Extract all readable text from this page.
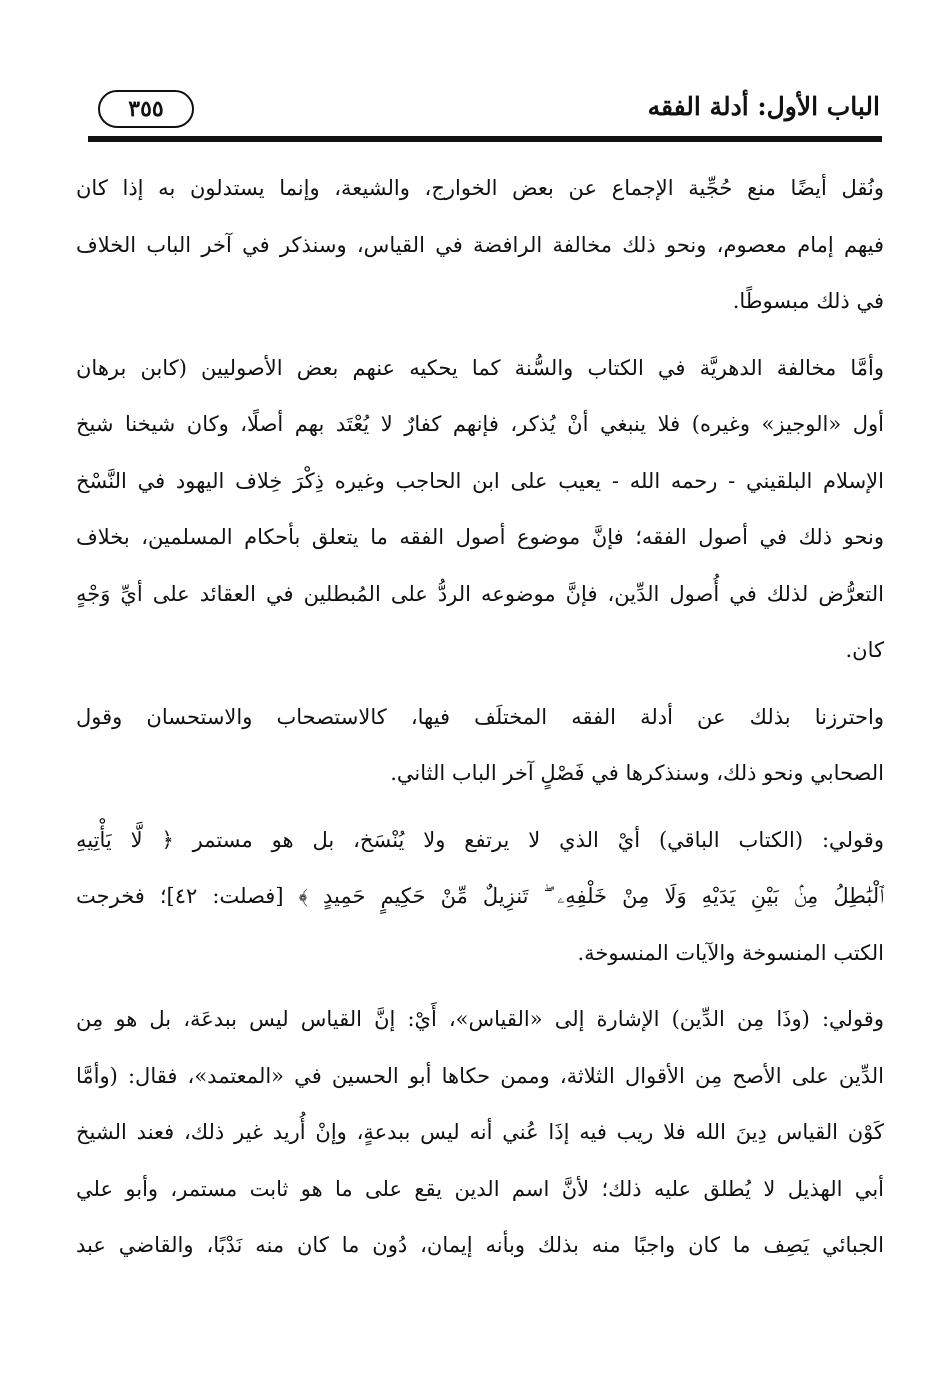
الباب الأول: أدلة الفقه
٣٥٥
ونُقل أيضًا منع حُجِّية الإجماع عن بعض الخوارج، والشيعة، وإنما يستدلون به إذا كان
فيهم إمام معصوم، ونحو ذلك مخالفة الرافضة في القياس، وسنذكر في آخر الباب الخلاف
في ذلك مبسوطًا.
وأمَّا مخالفة الدهريَّة في الكتاب والسُّنة كما يحكيه عنهم بعض الأصوليين (كابن برهان
أول «الوجيز» وغيره) فلا ينبغي أنْ يُذكر، فإنهم كفارٌ لا يُعْتَد بهم أصلًا، وكان شيخنا شيخ
الإسلام البلقيني - رحمه الله - يعيب على ابن الحاجب وغيره ذِكْرَ خِلاف اليهود في النَّسْخ
ونحو ذلك في أصول الفقه؛ فإنَّ موضوع أصول الفقه ما يتعلق بأحكام المسلمين، بخلاف
التعرُّض لذلك في أُصول الدِّين، فإنَّ موضوعه الردُّ على المُبطلين في العقائد على أيِّ وَجْهٍ
كان.
واحترزنا بذلك عن أدلة الفقه المختلَف فيها، كالاستصحاب والاستحسان وقول
الصحابي ونحو ذلك، وسنذكرها في فَصْلٍ آخر الباب الثاني.
وقولي: (الكتاب الباقي) أيْ الذي لا يرتفع ولا يُنْسَخ، بل هو مستمر ﴿ لَّا يَأْتِيهِ
ٱلْبَٰطِلُ مِنۢ بَيْنِ يَدَيْهِ وَلَا مِنْ خَلْفِهِۦ ۖ تَنزِيلٌ مِّنْ حَكِيمٍ حَمِيدٍ ﴾ [فصلت: ٤٢]؛ فخرجت
الكتب المنسوخة والآيات المنسوخة.
وقولي: (وذَا مِن الدِّين) الإشارة إلى «القياس»، أَيْ: إنَّ القياس ليس ببدعَة، بل هو مِن
الدِّين على الأصح مِن الأقوال الثلاثة، وممن حكاها أبو الحسين في «المعتمد»، فقال: (وأمَّا
كَوْن القياس دِينَ الله فلا ريب فيه إذَا عُني أنه ليس ببدعةٍ، وإنْ أُريد غير ذلك، فعند الشيخ
أبي الهذيل لا يُطلق عليه ذلك؛ لأنَّ اسم الدين يقع على ما هو ثابت مستمر، وأبو علي
الجبائي يَصِف ما كان واجبًا منه بذلك وبأنه إيمان، دُون ما كان منه نَدْبًا، والقاضي عبد
